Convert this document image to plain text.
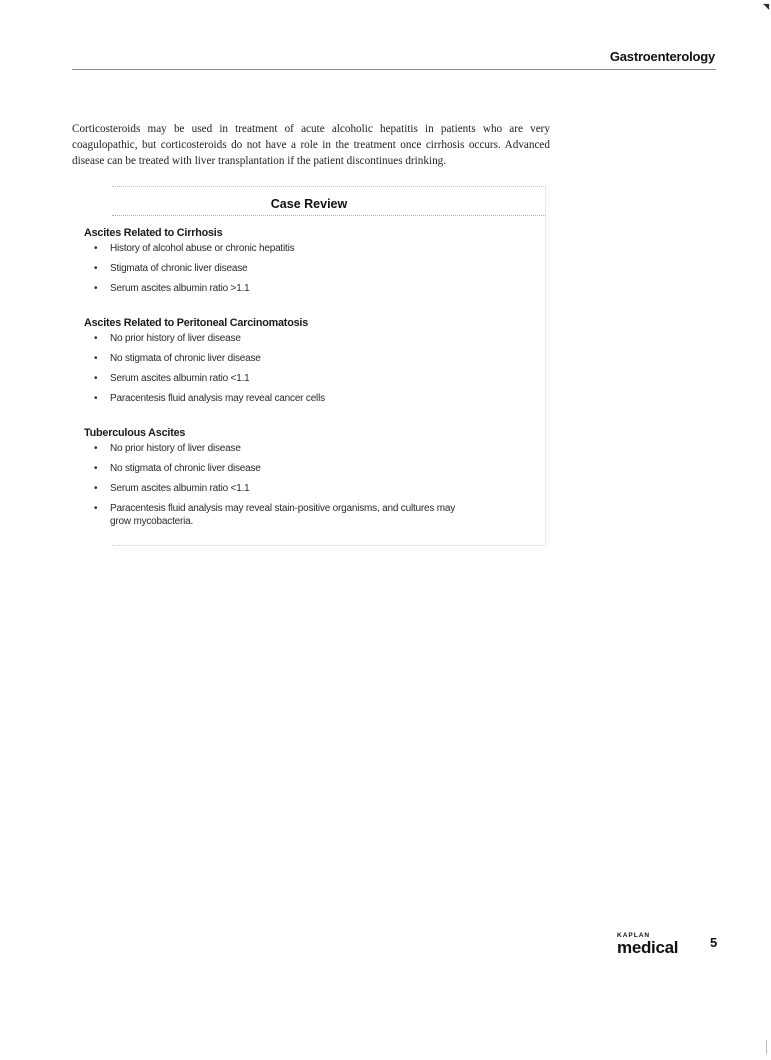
◥
Gastroenterology

Corticosteroids may be used in treatment of acute alcoholic hepatitis in patients who are very coagulopathic, but corticosteroids do not have a role in the treatment once cirrhosis occurs. Advanced disease can be treated with liver transplantation if the patient discontinues drinking.

Case Review
Ascites Related to Cirrhosis
• History of alcohol abuse or chronic hepatitis
• Stigmata of chronic liver disease
• Serum ascites albumin ratio >1.1
Ascites Related to Peritoneal Carcinomatosis
• No prior history of liver disease
• No stigmata of chronic liver disease
• Serum ascites albumin ratio <1.1
• Paracentesis fluid analysis may reveal cancer cells
Tuberculous Ascites
• No prior history of liver disease
• No stigmata of chronic liver disease
• Serum ascites albumin ratio <1.1
• Paracentesis fluid analysis may reveal stain-positive organisms, and cultures may grow mycobacteria.
KAPLAN
medical	5
